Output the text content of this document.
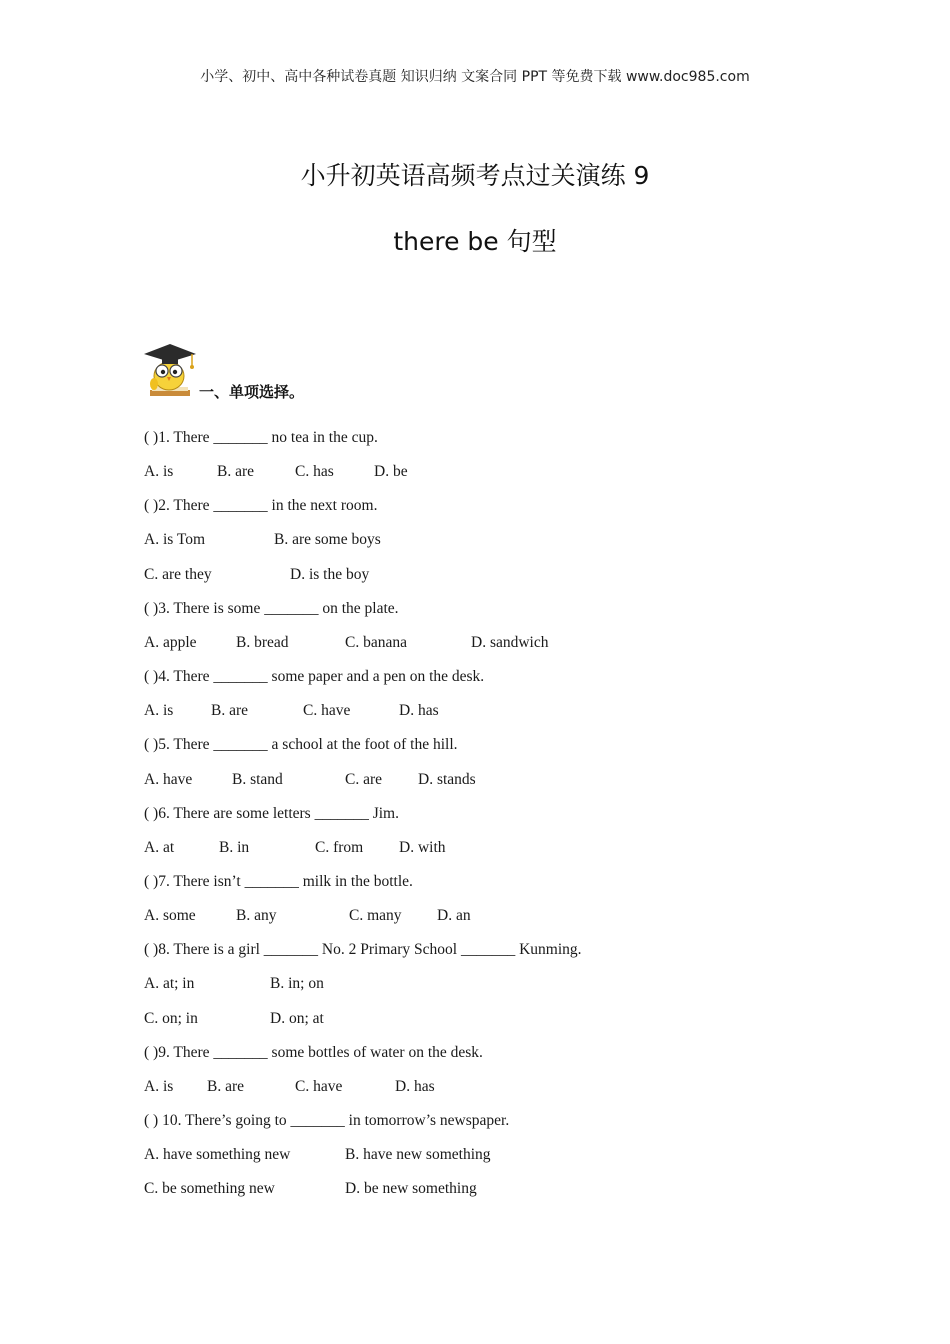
小学、初中、高中各种试卷真题 知识归纳 文案合同 PPT 等免费下载 www.doc985.com
小升初英语高频考点过关演练 9
there be 句型
一、单项选择。
( )1. There _______ no tea in the cup.
A. is	B. are	C. has	D. be
( )2. There _______ in the next room.
A. is Tom	B. are some boys
C. are they	D. is the boy
( )3. There is some _______ on the plate.
A. apple	B. bread	C. banana	D. sandwich
( )4. There _______ some paper and a pen on the desk.
A. is B. are	C. have	D. has
( )5. There _______ a school at the foot of the hill.
A. have	B. stand	C. are D. stands
( )6. There are some letters _______ Jim.
A. at	B. in	C. from D. with
( )7. There isn’t _______ milk in the bottle.
A. some	B. any	C. many D. an
( )8. There is a girl _______ No. 2 Primary School _______ Kunming.
A. at; in	B. in; on
C. on; in	D. on; at
( )9. There _______ some bottles of water on the desk.
A. is B. are	C. have	D. has
( ) 10. There’s going to _______ in tomorrow’s newspaper.
A. have something new	B. have new something
C. be something new	D. be new something
